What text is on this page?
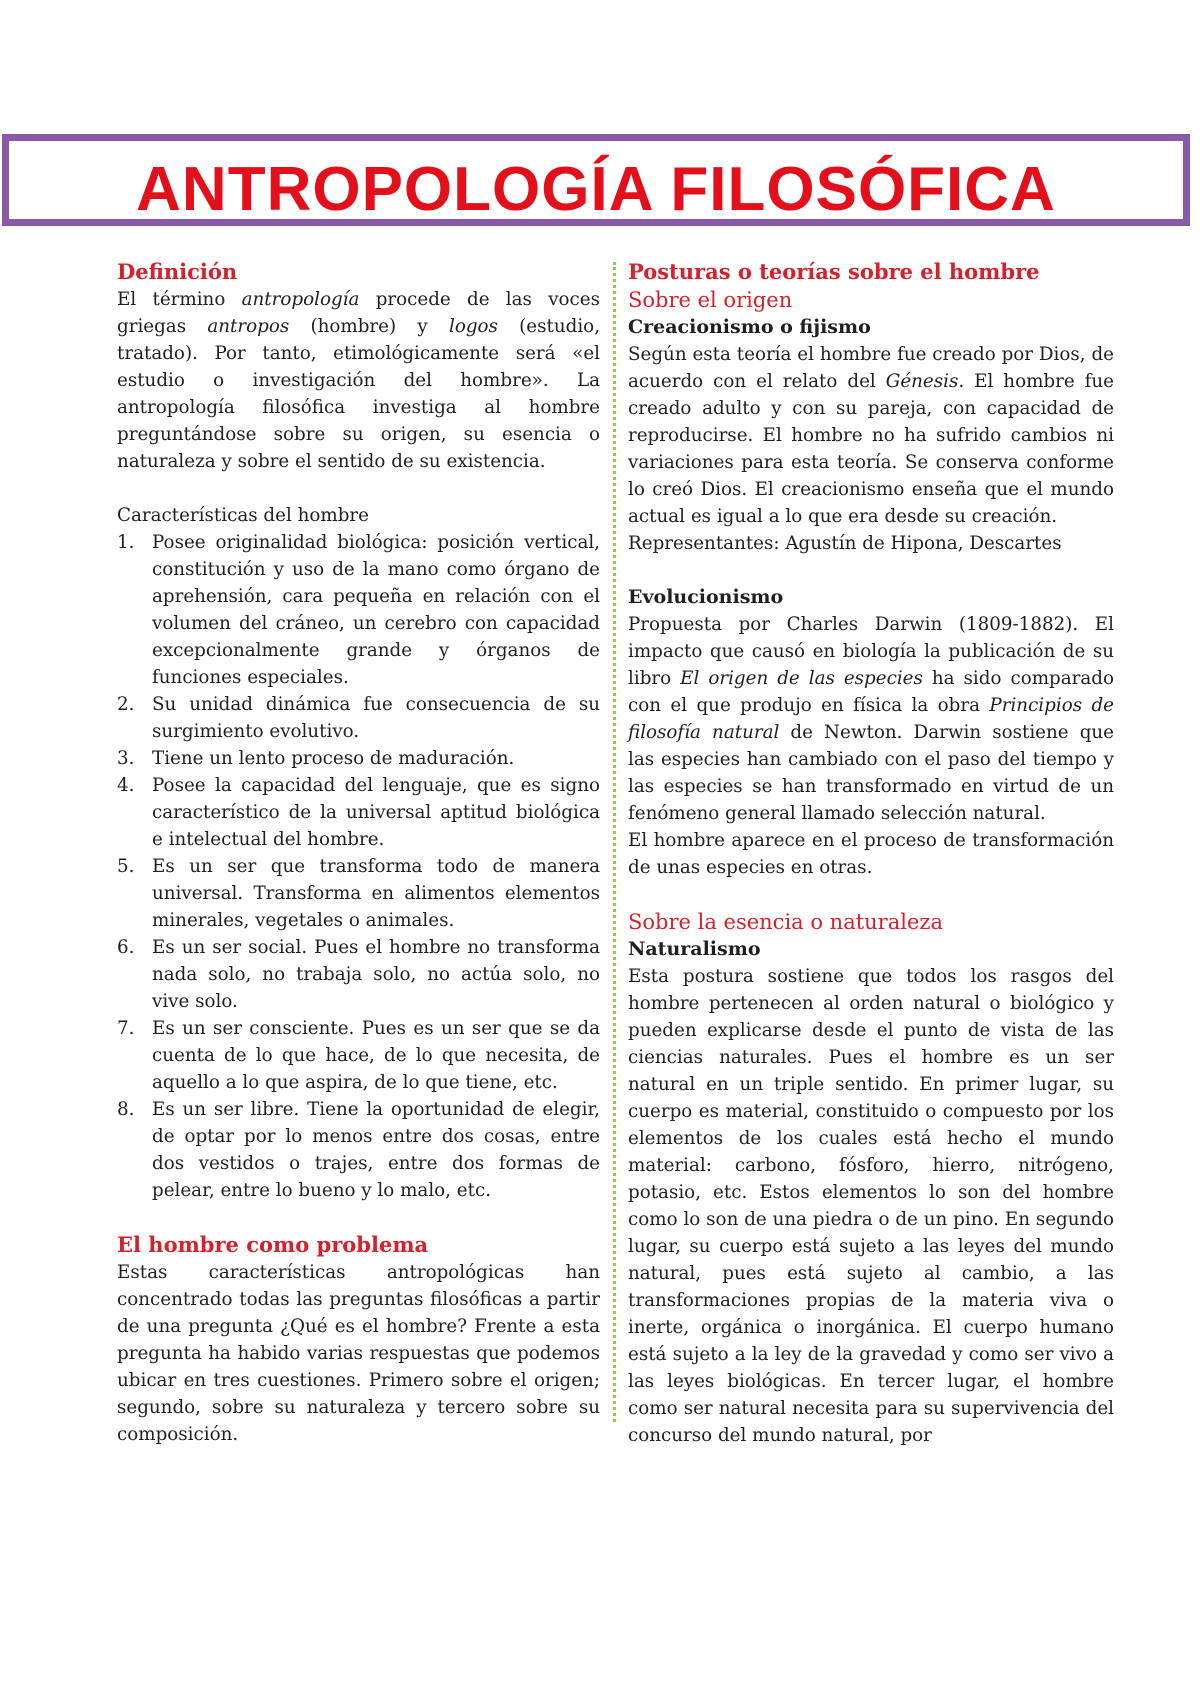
ANTROPOLOGÍA FILOSÓFICA
Definición

El término antropología procede de las voces griegas antropos (hombre) y logos (estudio, tratado). Por tanto, etimológicamente será «el estudio o investigación del hombre». La antropología filosófica investiga al hombre preguntándose sobre su origen, su esencia o naturaleza y sobre el sentido de su existencia.

Características del hombre

1. Posee originalidad biológica: posición vertical, constitución y uso de la mano como órgano de aprehensión, cara pequeña en relación con el volumen del cráneo, un cerebro con capacidad excepcionalmente grande y órganos de funciones especiales.
2. Su unidad dinámica fue consecuencia de su surgimiento evolutivo.
3. Tiene un lento proceso de maduración.
4. Posee la capacidad del lenguaje, que es signo característico de la universal aptitud biológica e intelectual del hombre.
5. Es un ser que transforma todo de manera universal. Transforma en alimentos elementos minerales, vegetales o animales.
6. Es un ser social. Pues el hombre no transforma nada solo, no trabaja solo, no actúa solo, no vive solo.
7. Es un ser consciente. Pues es un ser que se da cuenta de lo que hace, de lo que necesita, de aquello a lo que aspira, de lo que tiene, etc.
8. Es un ser libre. Tiene la oportunidad de elegir, de optar por lo menos entre dos cosas, entre dos vestidos o trajes, entre dos formas de pelear, entre lo bueno y lo malo, etc.
El hombre como problema

Estas características antropológicas han concentrado todas las preguntas filosóficas a partir de una pregunta ¿Qué es el hombre? Frente a esta pregunta ha habido varias respuestas que podemos ubicar en tres cuestiones. Primero sobre el origen; segundo, sobre su naturaleza y tercero sobre su composición.

Posturas o teorías sobre el hombre
Sobre el origen
Creacionismo o fijismo

Según esta teoría el hombre fue creado por Dios, de acuerdo con el relato del Génesis. El hombre fue creado adulto y con su pareja, con capacidad de reproducirse. El hombre no ha sufrido cambios ni variaciones para esta teoría. Se conserva conforme lo creó Dios. El creacionismo enseña que el mundo actual es igual a lo que era desde su creación.

Representantes: Agustín de Hipona, Descartes

Evolucionismo

Propuesta por Charles Darwin (1809-1882). El impacto que causó en biología la publicación de su libro El origen de las especies ha sido comparado con el que produjo en física la obra Principios de filosofía natural de Newton. Darwin sostiene que las especies han cambiado con el paso del tiempo y las especies se han transformado en virtud de un fenómeno general llamado selección natural.

El hombre aparece en el proceso de transformación de unas especies en otras.

Sobre la esencia o naturaleza
Naturalismo

Esta postura sostiene que todos los rasgos del hombre pertenecen al orden natural o biológico y pueden explicarse desde el punto de vista de las ciencias naturales. Pues el hombre es un ser natural en un triple sentido. En primer lugar, su cuerpo es material, constituido o compuesto por los elementos de los cuales está hecho el mundo material: carbono, fósforo, hierro, nitrógeno, potasio, etc. Estos elementos lo son del hombre como lo son de una piedra o de un pino. En segundo lugar, su cuerpo está sujeto a las leyes del mundo natural, pues está sujeto al cambio, a las transformaciones propias de la materia viva o inerte, orgánica o inorgánica. El cuerpo humano está sujeto a la ley de la gravedad y como ser vivo a las leyes biológicas. En tercer lugar, el hombre como ser natural necesita para su supervivencia del concurso del mundo natural, por
